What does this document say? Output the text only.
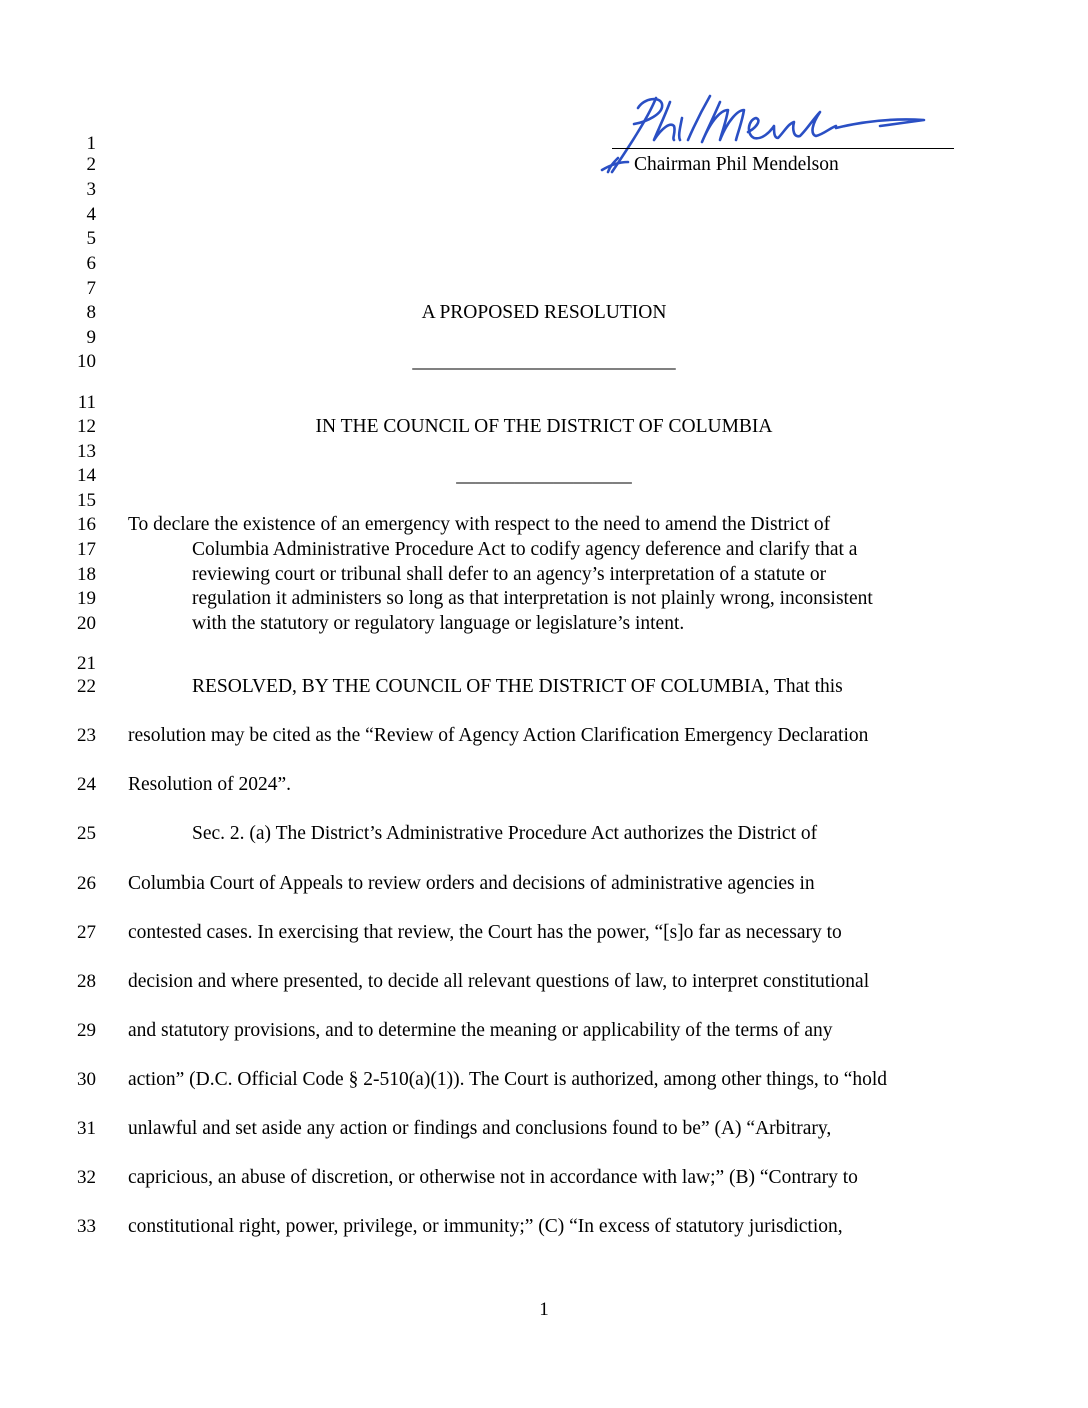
Chairman Phil Mendelson
1
2
3
4
5
6
7
8
9
10
11
12
13
14
15
16
17
18
19
20
21
22
23
24
25
26
27
28
29
30
31
32
33
A PROPOSED RESOLUTION
___________________________
IN THE COUNCIL OF THE DISTRICT OF COLUMBIA
__________________
To declare the existence of an emergency with respect to the need to amend the District of
Columbia Administrative Procedure Act to codify agency deference and clarify that a
reviewing court or tribunal shall defer to an agency’s interpretation of a statute or
regulation it administers so long as that interpretation is not plainly wrong, inconsistent
with the statutory or regulatory language or legislature’s intent.
RESOLVED, BY THE COUNCIL OF THE DISTRICT OF COLUMBIA, That this
resolution may be cited as the “Review of Agency Action Clarification Emergency Declaration
Resolution of 2024”.
Sec. 2. (a) The District’s Administrative Procedure Act authorizes the District of
Columbia Court of Appeals to review orders and decisions of administrative agencies in
contested cases. In exercising that review, the Court has the power, “[s]o far as necessary to
decision and where presented, to decide all relevant questions of law, to interpret constitutional
and statutory provisions, and to determine the meaning or applicability of the terms of any
action” (D.C. Official Code § 2-510(a)(1)). The Court is authorized, among other things, to “hold
unlawful and set aside any action or findings and conclusions found to be” (A) “Arbitrary,
capricious, an abuse of discretion, or otherwise not in accordance with law;” (B) “Contrary to
constitutional right, power, privilege, or immunity;” (C) “In excess of statutory jurisdiction,
1
